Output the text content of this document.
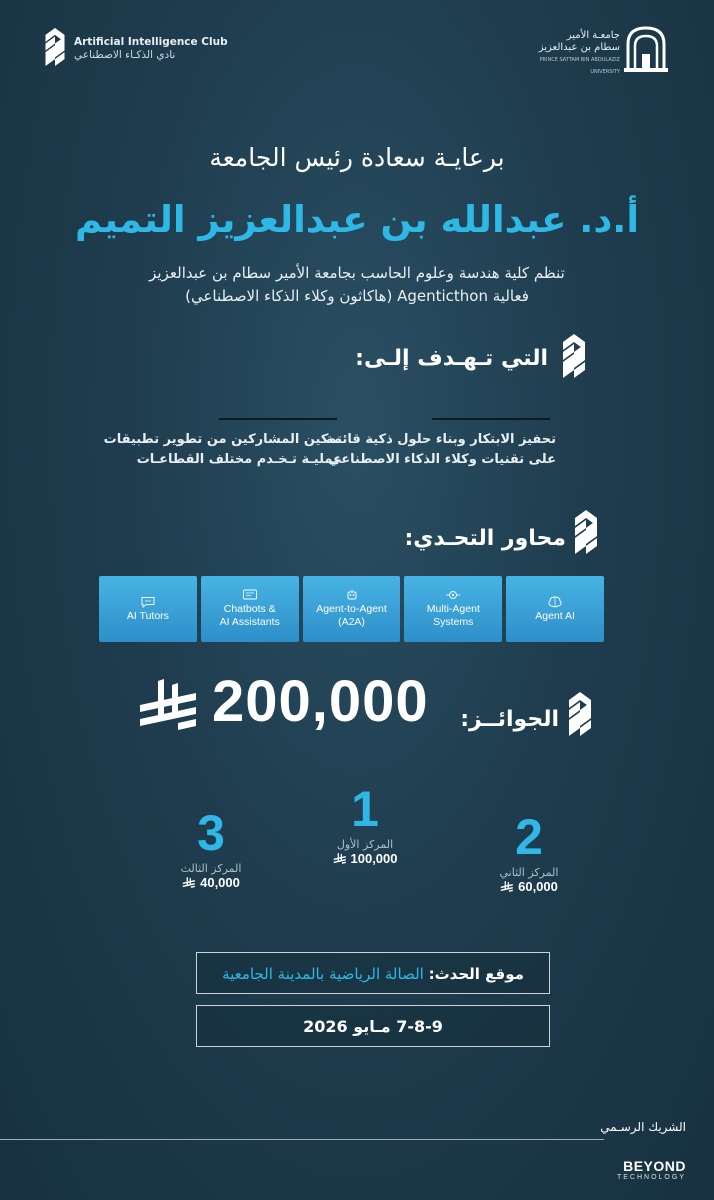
Artificial Intelligence Club
نادي الذكـاء الاصطناعي
جامعـة الأمير
سطام بن عبدالعزيز
PRINCE SATTAM BIN ABDULAZIZ UNIVERSITY
برعايـة سعادة رئيس الجامعة
أ.د. عبدالله بن عبدالعزيز التميم
تنظم كلية هندسة وعلوم الحاسب بجامعة الأمير سطام بن عبدالعزيز
فعالية Agenticthon (هاكاثون وكلاء الذكاء الاصطناعي)
التي تـهـدف إلـى:
تحفيز الابتكار وبناء حلول ذكية قائمة
على تقنيات وكلاء الذكاء الاصطناعي
تمكين المشاركين من تطوير تطبيقات
عمليـة تـخـدم مختلف القطاعـات
محاور التحـدي:
Agent AI
Multi-Agent
Systems
Agent-to-Agent
(A2A)
Chatbots &
AI Assistants
AI Tutors
الجوائــز:
200,000
1
المركز الأول
100,000	2
المركز الثاني
60,000
3
المركز الثالث
40,000
موقع الحدث: الصالة الرياضية بالمدينة الجامعية
7-8-9 مـايو 2026
الشريك الرسـمي
BEYOND
TECHNOLOGY
